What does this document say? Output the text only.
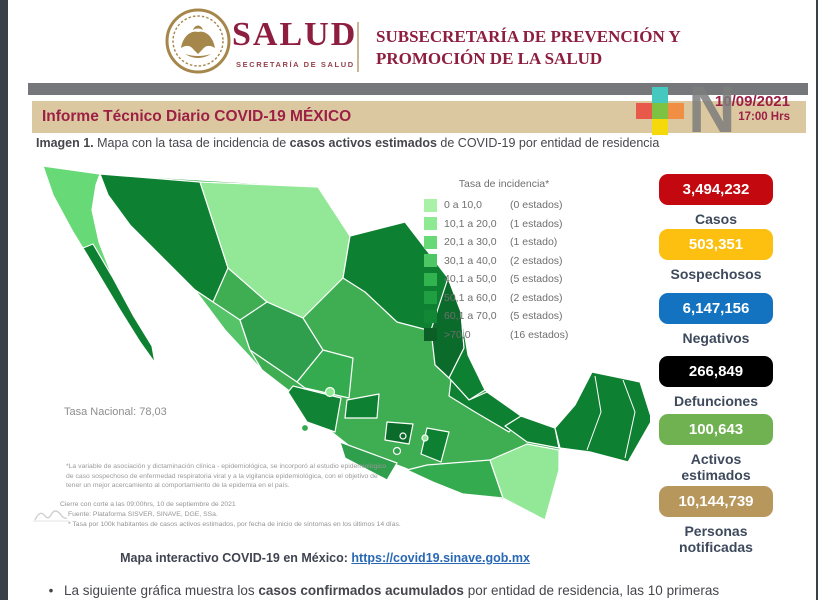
SALUD
SECRETARÍA DE SALUD
SUBSECRETARÍA DE PREVENCIÓN Y
PROMOCIÓN DE LA SALUD
Informe Técnico Diario COVID-19 MÉXICO
10/09/2021
17:00 Hrs
N
Imagen 1. Mapa con la tasa de incidencia de casos activos estimados de COVID-19 por entidad de residencia
Tasa de incidencia*
0 a 10,0	(0 estados)
10,1 a 20,0	(1 estados)
20,1 a 30,0	(1 estado)
30,1 a 40,0	(2 estados)
40,1 a 50,0	(5 estados)
50,1 a 60,0	(2 estados)
60,1 a 70,0	(5 estados)
>70,0	(16 estados)
Tasa Nacional: 78,03
*La variable de asociación y dictaminación clínica - epidemiológica, se incorporó al estudio epidemiológico de caso sospechoso de enfermedad respiratoria viral y a la vigilancia epidemiológica, con el objetivo de tener un mejor acercamiento al comportamiento de la epidemia en el país.
Cierre con corte a las 09:00hrs, 10 de septiembre de 2021
Fuente: Plataforma SISVER, SINAVE, DGE, SSa.
* Tasa por 100k habitantes de casos activos estimados, por fecha de inicio de síntomas en los últimos 14 días.
3,494,232
Casos
503,351
Sospechosos
6,147,156
Negativos
266,849
Defunciones
100,643
Activos estimados
10,144,739
Personas notificadas
Mapa interactivo COVID-19 en México: https://covid19.sinave.gob.mx
• La siguiente gráfica muestra los casos confirmados acumulados por entidad de residencia, las 10 primeras
